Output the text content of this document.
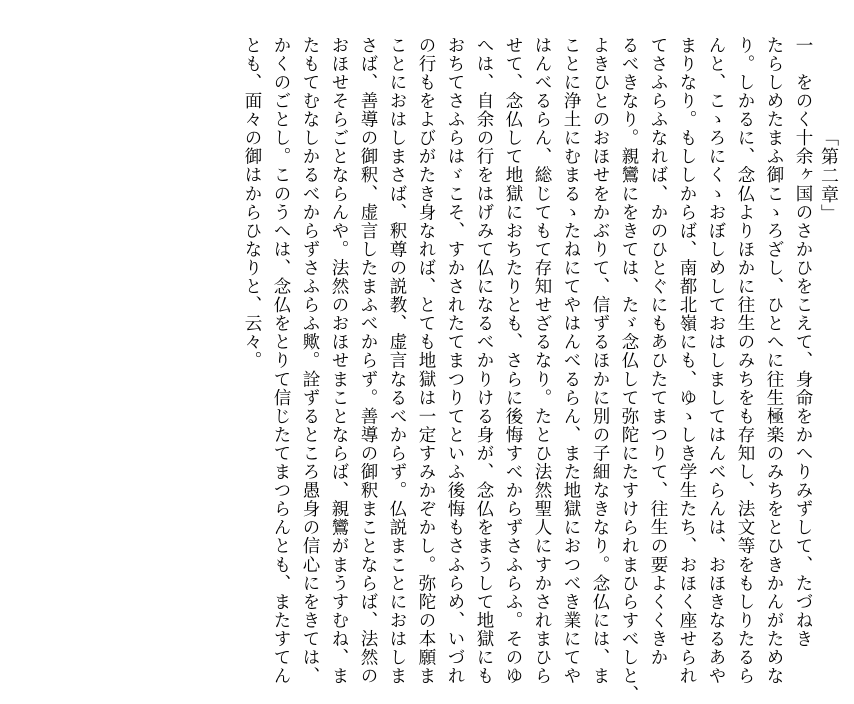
「第二章」
一　をのく十余ヶ国のさかひをこえて、身命をかへりみずして、たづねき
たらしめたまふ御こゝろざし、ひとへに往生極楽のみちをとひきかんがためな
り。しかるに、念仏よりほかに往生のみちをも存知し、法文等をもしりたるら
んと、こゝろにくゝおぼしめしておはしましてはんべらんは、おほきなるあや
まりなり。もししからば、南都北嶺にも、ゆゝしき学生たち、おほく座せられ
てさふらふなれば、かのひとぐにもあひたてまつりて、往生の要よくくきか
るべきなり。親鸞にをきては、たゞ念仏して弥陀にたすけられまひらすべしと、
よきひとのおほせをかぶりて、信ずるほかに別の子細なきなり。念仏には、ま
ことに浄土にむまるゝたねにてやはんべるらん、また地獄におつべき業にてや
はんべるらん、総じてもて存知せざるなり。たとひ法然聖人にすかされまひら
せて、念仏して地獄におちたりとも、さらに後悔すべからずさふらふ。そのゆ
へは、自余の行をはげみて仏になるべかりける身が、念仏をまうして地獄にも
おちてさふらはゞこそ、すかされたてまつりてといふ後悔もさふらめ、いづれ
の行もをよびがたき身なれば、とても地獄は一定すみかぞかし。弥陀の本願ま
ことにおはしまさば、釈尊の説教、虚言なるべからず。仏説まことにおはしま
さば、善導の御釈、虚言したまふべからず。善導の御釈まことならば、法然の
おほせそらごとならんや。法然のおほせまことならば、親鸞がまうすむね、ま
たもてむなしかるべからずさふらふ歟。詮ずるところ愚身の信心にをきては、
かくのごとし。このうへは、念仏をとりて信じたてまつらんとも、またすてん
とも、面々の御はからひなりと、云々。
